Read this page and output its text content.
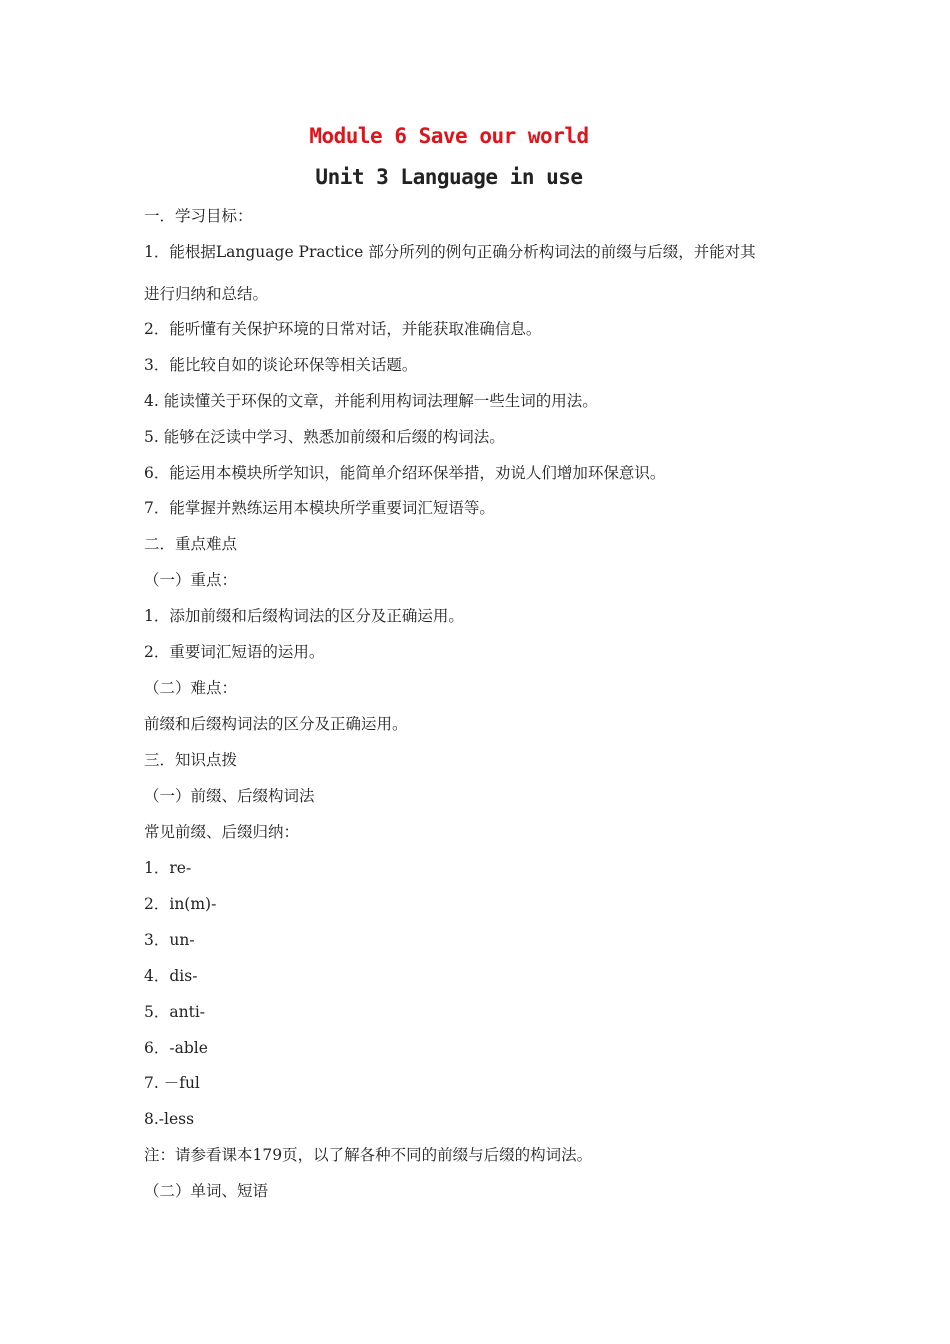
Module 6 Save our world
Unit 3 Language in use
一．学习目标：
1．能根据Language Practice 部分所列的例句正确分析构词法的前缀与后缀，并能对其
进行归纳和总结。
2．能听懂有关保护环境的日常对话，并能获取准确信息。
3．能比较自如的谈论环保等相关话题。
4. 能读懂关于环保的文章，并能利用构词法理解一些生词的用法。
5. 能够在泛读中学习、熟悉加前缀和后缀的构词法。
6．能运用本模块所学知识，能简单介绍环保举措，劝说人们增加环保意识。
7．能掌握并熟练运用本模块所学重要词汇短语等。
二．重点难点
（一）重点：
1．添加前缀和后缀构词法的区分及正确运用。
2．重要词汇短语的运用。
（二）难点：
前缀和后缀构词法的区分及正确运用。
三．知识点拨
（一）前缀、后缀构词法
常见前缀、后缀归纳：
1．re-
2．in(m)-
3．un-
4．dis-
5．anti-
6．-able
7. －ful
8.-less
注：请参看课本179页，以了解各种不同的前缀与后缀的构词法。
（二）单词、短语
